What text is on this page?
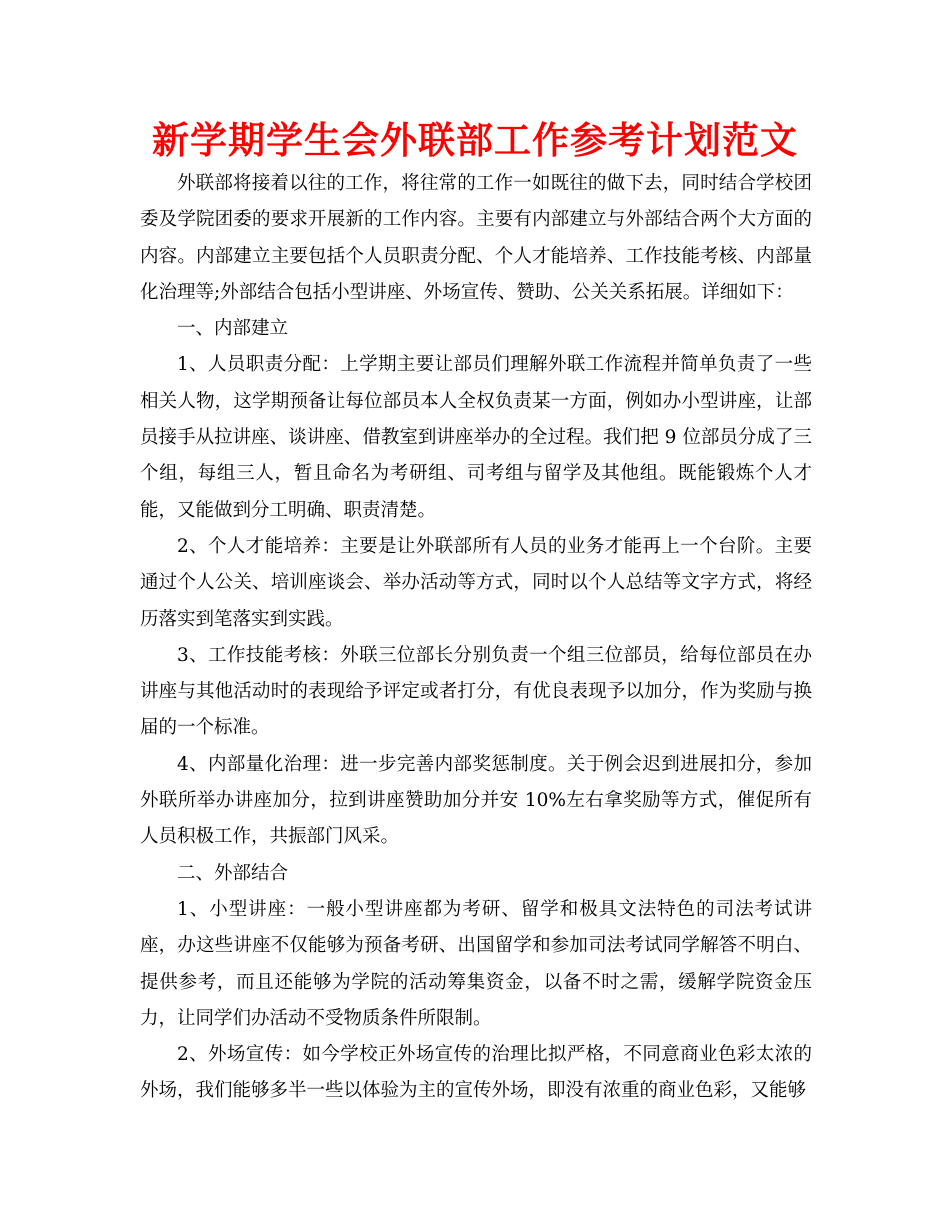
新学期学生会外联部工作参考计划范文

外联部将接着以往的工作，将往常的工作一如既往的做下去，同时结合学校团委及学院团委的要求开展新的工作内容。主要有内部建立与外部结合两个大方面的内容。内部建立主要包括个人员职责分配、个人才能培养、工作技能考核、内部量化治理等;外部结合包括小型讲座、外场宣传、赞助、公关关系拓展。详细如下：

一、内部建立

1、人员职责分配：上学期主要让部员们理解外联工作流程并简单负责了一些相关人物，这学期预备让每位部员本人全权负责某一方面，例如办小型讲座，让部员接手从拉讲座、谈讲座、借教室到讲座举办的全过程。我们把 9 位部员分成了三个组，每组三人，暂且命名为考研组、司考组与留学及其他组。既能锻炼个人才能，又能做到分工明确、职责清楚。

2、个人才能培养：主要是让外联部所有人员的业务才能再上一个台阶。主要通过个人公关、培训座谈会、举办活动等方式，同时以个人总结等文字方式，将经历落实到笔落实到实践。

3、工作技能考核：外联三位部长分别负责一个组三位部员，给每位部员在办讲座与其他活动时的表现给予评定或者打分，有优良表现予以加分，作为奖励与换届的一个标准。

4、内部量化治理：进一步完善内部奖惩制度。关于例会迟到进展扣分，参加外联所举办讲座加分，拉到讲座赞助加分并安 10%左右拿奖励等方式，催促所有人员积极工作，共振部门风采。

二、外部结合

1、小型讲座：一般小型讲座都为考研、留学和极具文法特色的司法考试讲座，办这些讲座不仅能够为预备考研、出国留学和参加司法考试同学解答不明白、提供参考，而且还能够为学院的活动筹集资金，以备不时之需，缓解学院资金压力，让同学们办活动不受物质条件所限制。

2、外场宣传：如今学校正外场宣传的治理比拟严格，不同意商业色彩太浓的外场，我们能够多半一些以体验为主的宣传外场，即没有浓重的商业色彩，又能够
